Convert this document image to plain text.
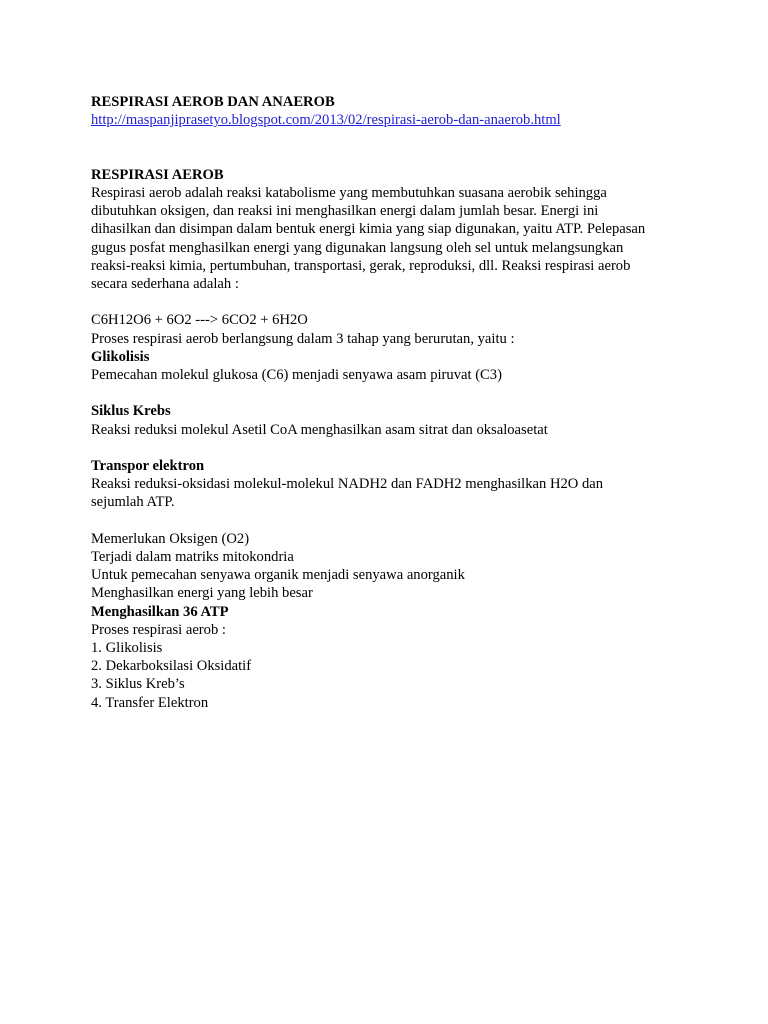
RESPIRASI AEROB DAN ANAEROB
http://maspanjiprasetyo.blogspot.com/2013/02/respirasi-aerob-dan-anaerob.html
RESPIRASI AEROB
Respirasi aerob adalah reaksi katabolisme yang membutuhkan suasana aerobik sehingga
dibutuhkan oksigen, dan reaksi ini menghasilkan energi dalam jumlah besar. Energi ini
dihasilkan dan disimpan dalam bentuk energi kimia yang siap digunakan, yaitu ATP. Pelepasan
gugus posfat menghasilkan energi yang digunakan langsung oleh sel untuk melangsungkan
reaksi-reaksi kimia, pertumbuhan, transportasi, gerak, reproduksi, dll. Reaksi respirasi aerob
secara sederhana adalah :
C6H12O6 + 6O2 ---> 6CO2 + 6H2O
Proses respirasi aerob berlangsung dalam 3 tahap yang berurutan, yaitu :
Glikolisis
Pemecahan molekul glukosa (C6) menjadi senyawa asam piruvat (C3)
Siklus Krebs
Reaksi reduksi molekul Asetil CoA menghasilkan asam sitrat dan oksaloasetat
Transpor elektron
Reaksi reduksi-oksidasi molekul-molekul NADH2 dan FADH2 menghasilkan H2O dan
sejumlah ATP.
Memerlukan Oksigen (O2)
Terjadi dalam matriks mitokondria
Untuk pemecahan senyawa organik menjadi senyawa anorganik
Menghasilkan energi yang lebih besar
Menghasilkan 36 ATP
Proses respirasi aerob :
1. Glikolisis
2. Dekarboksilasi Oksidatif
3. Siklus Kreb’s
4. Transfer Elektron
